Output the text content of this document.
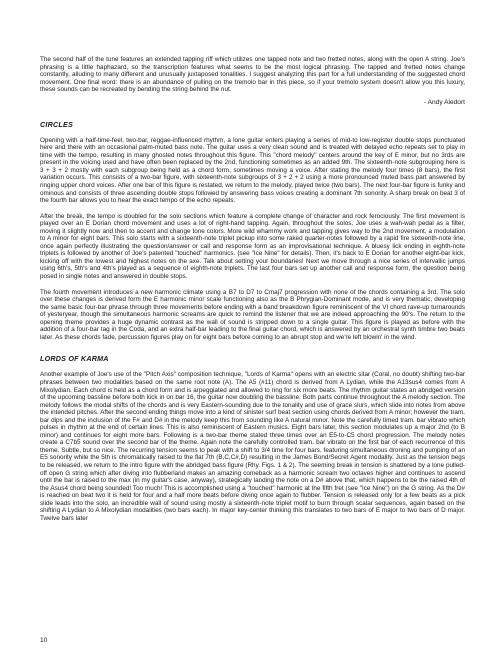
The second half of the tune features an extended tapping riff which utilizes one tapped note and two fretted notes, along with the open A string. Joe's phrasing is a little haphazard, so the transcription features what seems to be the most logical phrasing. The tapped and fretted notes change constantly, alluding to many different and unusually juxtaposed tonalities. I suggest analyzing this part for a full understanding of the suggested chord movement. One final word: there is an abundance of pulling on the tremolo bar in this piece, so if your tremolo system doesn't allow you this luxury, these sounds can be recreated by bending the string behind the nut.

- Andy Aledort

CIRCLES

Opening with a half-time-feel, two-bar, reggae-influenced rhythm, a lone guitar enters playing a series of mid-to low-register double stops punctuated here and there with an occasional palm-muted bass note. The guitar uses a very clean sound and is treated with delayed echo repeats set to play in time with the tempo, resulting in many ghosted notes throughout this figure. This "chord melody" centers around the key of E minor, but no 3rds are present in the voicing used and have often been replaced by the 2nd, functioning sometimes as an added 9th. The sixteenth-note subgrouping here is 3 + 3 + 2 mostly with each subgroup being held as a chord form, sometimes moving a voice. After stating the melody four times (8 bars), the first variation occurs. This consists of a two-bar figure, with sixteenth-note subgroups of 3 + 2 + 2 using a more pronounced muted bass part answered by ringing upper chord voices. After one bar of this figure is restated, we return to the melody, played twice (two bars). The next four-bar figure is funky and ominous and consists of three ascending double stops followed by answering bass voices creating a dominant 7th sonority. A sharp break on beat 3 of the fourth bar allows you to hear the exact tempo of the echo repeats.

After the break, the tempo is doubled for the solo sections which feature a complete change of character and rock ferociously. The first movement is played over an E Dorian chord movement and uses a lot of right-hand tapping. Again, throughout the solos, Joe uses a wah-wah pedal as a filter, moving it slightly now and then to accent and change tone colors. More wild whammy work and tapping gives way to the 2nd movement, a modulation to A minor for eight bars. This solo starts with a sixteenth-note triplet pickup into some raked quarter-notes followed by a rapid fire sixteenth-note line, once again perfectly illustrating the question/answer or call and response form as an improvisational technique. A bluesy lick ending in eighth-note triplets is followed by another of Joe's patented "touched" harmonics. (see "Ice Nine" for details). Then, it's back to E Dorian for another eight-bar kick, kicking off with the lowest and highest notes on the axe. Talk about setting your boundaries! Next we move through a nice series of intervallic jumps using 6th's, 5th's and 4th's played as a sequence of eighth-note triplets. The last four bars set up another call and response form, the question being posed in single notes and answered in double stops.

The fourth movement introduces a new harmonic climate using a B7 to D7 to Cmaj7 progression with none of the chords containing a 3rd. The solo over these changes is derived form the E harmonic minor scale functioning also as the B Phrygian-Dominant mode, and is very thematic, developing the same basic four-bar phrase through three movements before ending with a band breakdown figure reminiscent of the VI chord rave-up turnarounds of yesteryear, though the simultaneous harmonic screams are quick to remind the listener that we are indeed approaching the 90's. The return to the opening theme provides a huge dynamic contrast as the wall of sound is stripped down to a single guitar. This figure is played as before with the addition of a four-bar tag in the Coda, and an extra half-bar leading to the final guitar chord, which is answered by an orchestral synth timbre two beats later. As these chords fade, percussion figures play on for eight bars before coming to an abrupt stop and we're left blowin' in the wind.

LORDS OF KARMA

Another example of Joe's use of the "Pitch Axis" composition technique, "Lords of Karma" opens with an electric sitar (Coral, no doubt) shifting two-bar phrases between two modalities based on the same root note (A). The A5 (#11) chord is derived from A Lydian, while the A13sus4 comes from A Mixolydian. Each chord is held as a chord form and is arpeggiated and allowed to ring for six more beats. The rhythm guitar states an abridged version of the upcoming bassline before both kick in on bar 16, the guitar now doubling the bassline. Both parts continue throughout the A melody section. The melody follows the modal shifts of the chords and is very Eastern-sounding due to the tonality and use of grace slurs, which slide into notes from above the intended pitches. After the second ending things move into a kind of sinister surf beat section using chords derived from A minor; however the tram. bar dips and the inclusion of the F# and D# in the melody keep this from sounding like A natural minor. Note the carefully timed tram. bar vibrato which pulses in rhythm at the end of certain lines. This is also reminiscent of Eastern musics. Eight bars later, this section modulates up a major 2nd (to B minor) and continues for eight more bars. Following is a two-bar theme stated three times over an E5-to-C5 chord progression. The melody notes create a C7b5 sound over the second bar of the theme. Again note the carefully controlled tram. bar vibrato on the first bar of each recurrence of this theme. Subtle, but so nice. The recurring tension seems to peak with a shift to 3/4 time for four bars, featuring simultaneous droning and pumping of an E5 sonority while the 5th is chromatically raised to the flat 7th (B,C,C#,D) resulting in the James Bond/Secret Agent modality. Just as the tension begs to be released, we return to the intro figure with the abridged bass figure (Rhy. Figs. 1 & 2). The seeming break in tension is shattered by a lone pulled-off open G string which after diving into flubberland makes an amazing comeback as a harmonic scream two octaves higher and continues to ascend until the bar is raised to the max (in my guitar's case, anyway), strategically landing the note on a D# above that, which happens to be the raised 4th of the Asus4 chord being sounded! Too much! This is accomplished using a "touched" harmonic at the fifth fret (see "Ice Nine") on the G string. As the D# is reached on beat two it is held for four and a half more beats before diving once again to flubber. Tension is released only for a few beats as a pick slide leads into the solo, an incredible wall of sound using mostly a sixteenth-note triplet motif to burn through scalar sequences, again based on the shifting A Lydian to A Mixolydian modalities (two bars each). In major key-center thinking this translates to two bars of E major to two bars of D major. Twelve bars later

10
